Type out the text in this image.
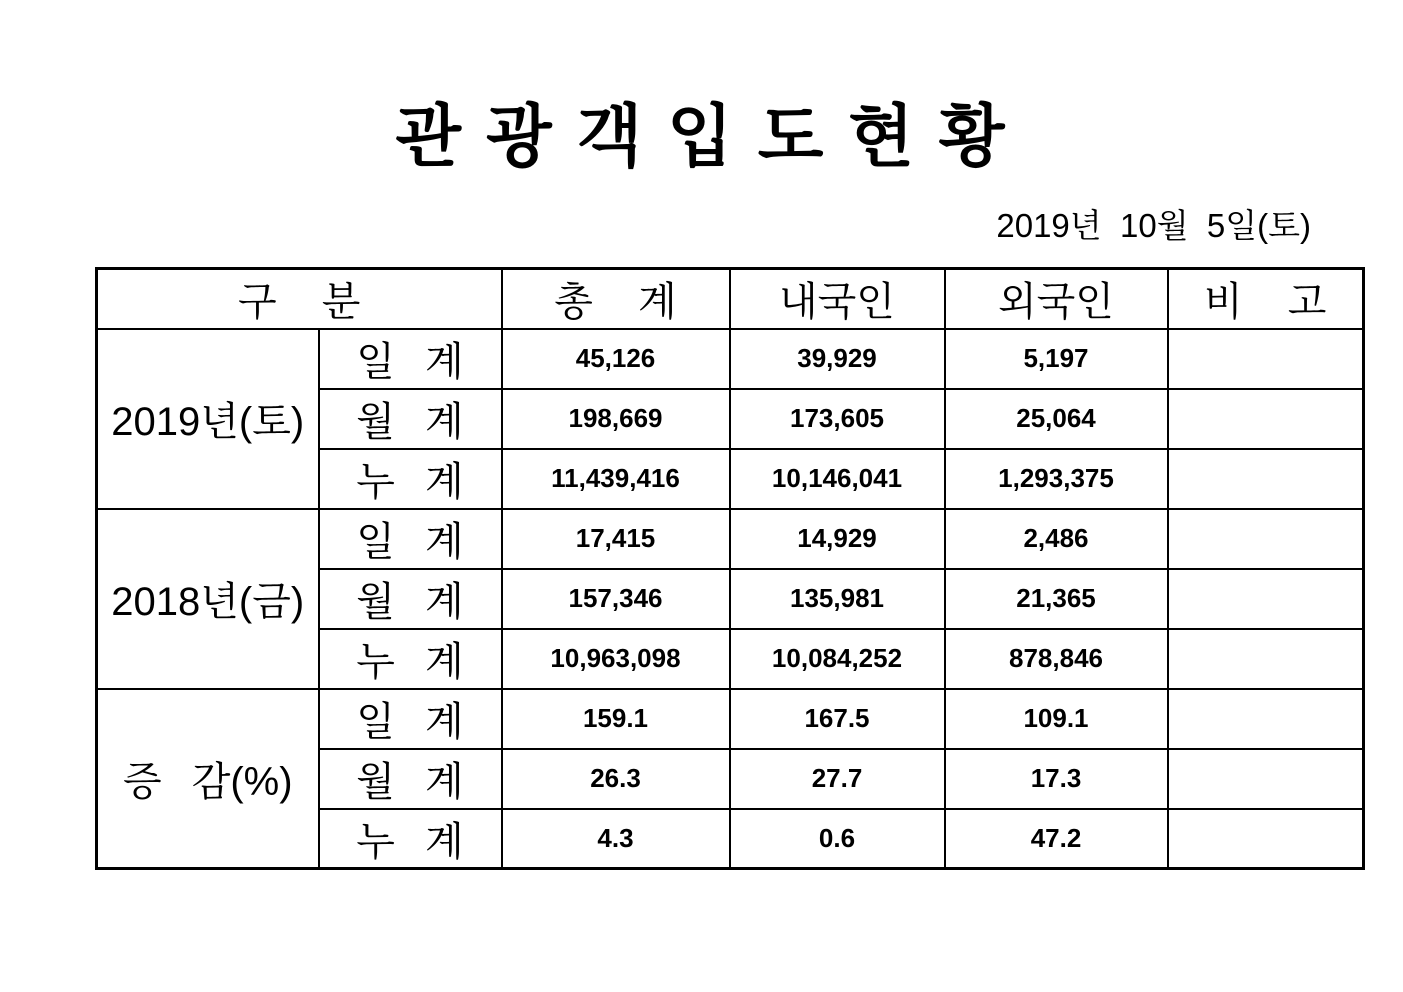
관 광 객 입 도 현 황
2019년  10월  5일(토)
구 분		총 계	내국인	외국인	비 고
2019년(토)	일 계	45,126	39,929	5,197	
	월 계	198,669	173,605	25,064	
	누 계	11,439,416	10,146,041	1,293,375	
2018년(금)	일 계	17,415	14,929	2,486	
	월 계	157,346	135,981	21,365	
	누 계	10,963,098	10,084,252	878,846	
증 감(%)	일 계	159.1	167.5	109.1	
	월 계	26.3	27.7	17.3	
	누 계	4.3	0.6	47.2	
